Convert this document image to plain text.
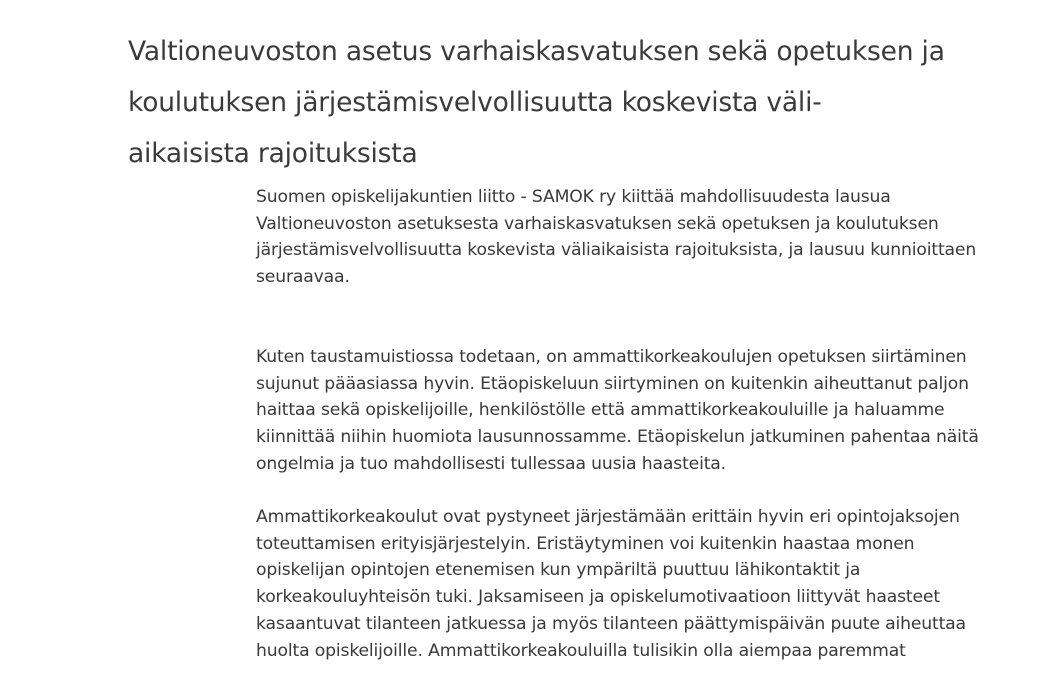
Valtioneuvoston asetus varhaiskasvatuksen sekä opetuksen ja
koulutuksen järjestämisvelvollisuutta koskevista väli-
aikaisista rajoituksista
Suomen opiskelijakuntien liitto - SAMOK ry kiittää mahdollisuudesta lausua
Valtioneuvoston asetuksesta varhaiskasvatuksen sekä opetuksen ja koulutuksen
järjestämisvelvollisuutta koskevista väliaikaisista rajoituksista, ja lausuu kunnioittaen
seuraavaa.
Kuten taustamuistiossa todetaan, on ammattikorkeakoulujen opetuksen siirtäminen
sujunut pääasiassa hyvin. Etäopiskeluun siirtyminen on kuitenkin aiheuttanut paljon
haittaa sekä opiskelijoille, henkilöstölle että ammattikorkeakouluille ja haluamme
kiinnittää niihin huomiota lausunnossamme. Etäopiskelun jatkuminen pahentaa näitä
ongelmia ja tuo mahdollisesti tullessaa uusia haasteita.
Ammattikorkeakoulut ovat pystyneet järjestämään erittäin hyvin eri opintojaksojen
toteuttamisen erityisjärjestelyin. Eristäytyminen voi kuitenkin haastaa monen
opiskelijan opintojen etenemisen kun ympäriltä puuttuu lähikontaktit ja
korkeakouluyhteisön tuki. Jaksamiseen ja opiskelumotivaatioon liittyvät haasteet
kasaantuvat tilanteen jatkuessa ja myös tilanteen päättymispäivän puute aiheuttaa
huolta opiskelijoille. Ammattikorkeakouluilla tulisikin olla aiempaa paremmat
